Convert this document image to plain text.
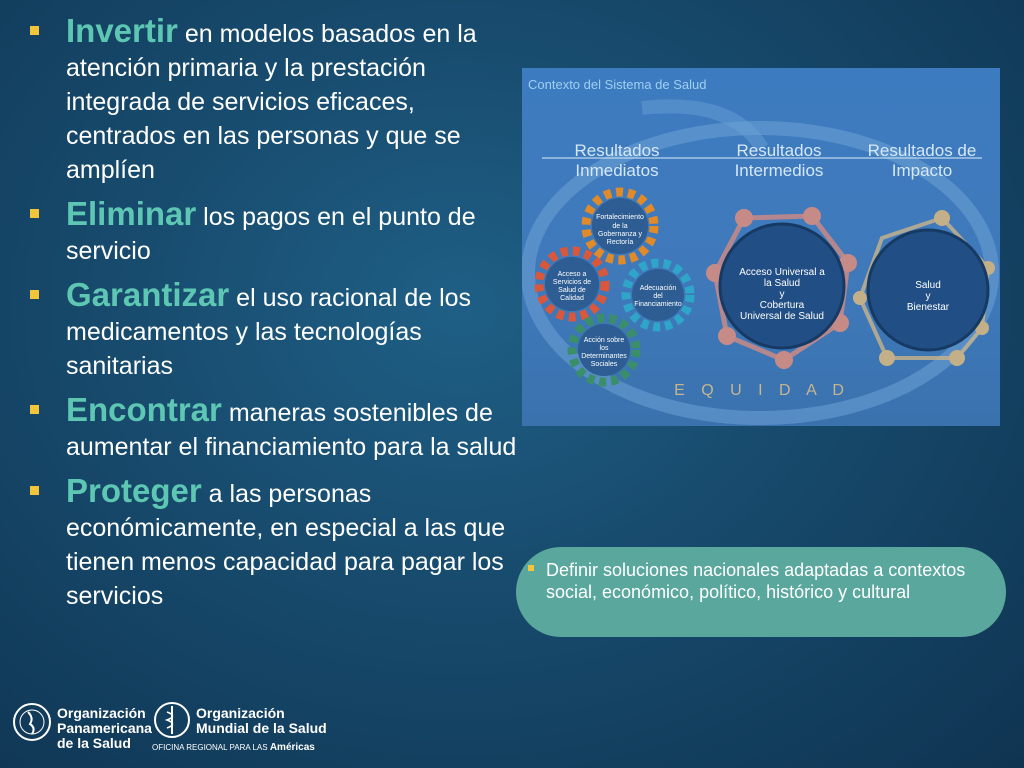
Invertir en modelos basados en la atención primaria y la prestación integrada de servicios eficaces, centrados en las personas y que se amplíen
Eliminar los pagos en el punto de servicio
Garantizar el uso racional de los medicamentos y las tecnologías sanitarias
Encontrar maneras sostenibles de aumentar el financiamiento para la salud
Proteger a las personas económicamente, en especial a las que tienen menos capacidad para pagar los servicios
Contexto del Sistema de Salud
Resultados
Inmediatos
Resultados
Intermedios
Resultados de
Impacto
Fortalecimiento
de la
Gobernanza y
Rectoría
Acceso a
Servicios de
Salud de
Calidad
Adecuación
del
Financiamiento
Acción sobre
los
Determinantes
Sociales
Acceso Universal a
la Salud
y
Cobertura
Universal de Salud
Salud
y
Bienestar
E Q U I D A D
Definir soluciones nacionales adaptadas a contextos social, económico, político, histórico y cultural
Organización
Panamericana
de la Salud
Organización
Mundial de la Salud
OFICINA REGIONAL PARA LAS Américas
